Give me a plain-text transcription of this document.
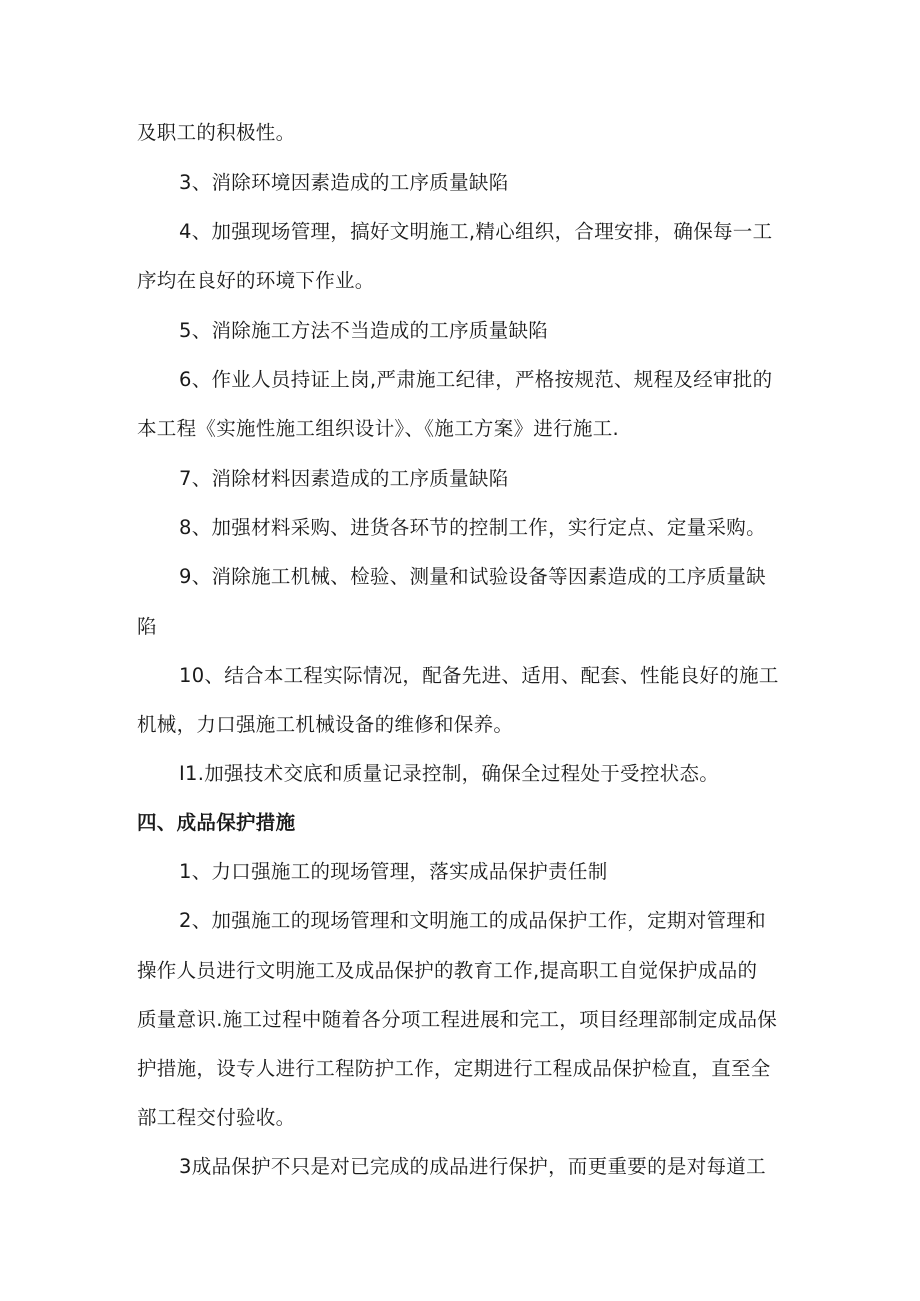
及职工的积极性。
3、消除环境因素造成的工序质量缺陷
4、加强现场管理，搞好文明施工,精心组织，合理安排，确保每一工
序均在良好的环境下作业。
5、消除施工方法不当造成的工序质量缺陷
6、作业人员持证上岗,严肃施工纪律，严格按规范、规程及经审批的
本工程《实施性施工组织设计》、《施工方案》进行施工.
7、消除材料因素造成的工序质量缺陷
8、加强材料采购、进货各环节的控制工作，实行定点、定量采购。
9、消除施工机械、检验、测量和试验设备等因素造成的工序质量缺
陷
10、结合本工程实际情况，配备先进、适用、配套、性能良好的施工
机械，力口强施工机械设备的维修和保养。
I1.加强技术交底和质量记录控制，确保全过程处于受控状态。
四、成品保护措施
1、力口强施工的现场管理，落实成品保护责任制
2、加强施工的现场管理和文明施工的成品保护工作，定期对管理和
操作人员进行文明施工及成品保护的教育工作,提高职工自觉保护成品的
质量意识.施工过程中随着各分项工程进展和完工，项目经理部制定成品保
护措施，设专人进行工程防护工作，定期进行工程成品保护检直，直至全
部工程交付验收。
3成品保护不只是对已完成的成品进行保护，而更重要的是对每道工
